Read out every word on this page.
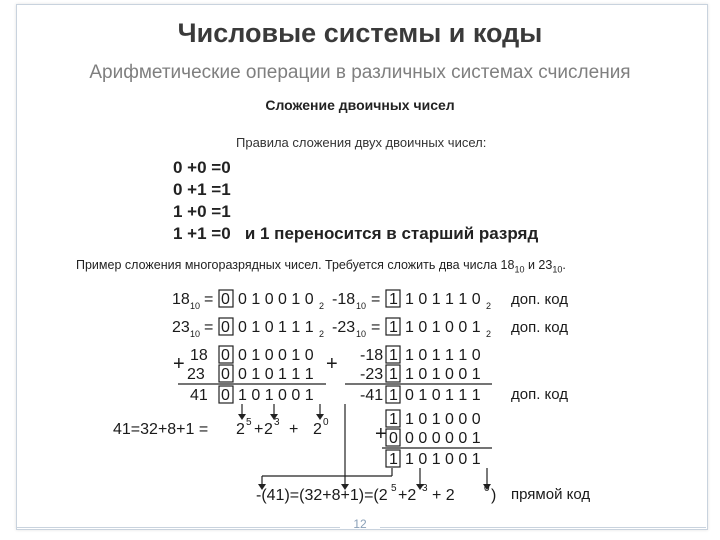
Числовые системы и коды
Арифметические операции в различных системах счисления
Сложение двоичных чисел
Правила сложения двух двоичных чисел:
0 +0 =0
0 +1 =1
1 +0 =1
1 +1 =0   и 1 переносится в старший разряд
Пример сложения многоразрядных чисел. Требуется сложить два числа $18_{10}$ и $23_{10}$.
18 10 = 0 0 1 0 0 1 0 2 -18 10 = 1 1 0 1 1 1 0 2 доп. код
23 10 = 0 0 1 0 1 1 1 2 -23 10 = 1 1 0 1 0 0 1 2 доп. код
+ 18 0 0 1 0 0 1 0
23 0 0 1 0 1 1 1
41 0 1 0 1 0 0 1
41=32+8+1 = 2 5 + 2 3 + 2 0
+ -18 1 1 0 1 1 1 0
-23 1 1 0 1 0 0 1
-41 1 0 1 0 1 1 1 доп. код
+
1 1 0 1 0 0 0
0 0 0 0 0 0 1
1 1 0 1 0 0 1
-(41)=(32+8+1)=(2 5 +2 3 + 2	0 ) прямой код
12
